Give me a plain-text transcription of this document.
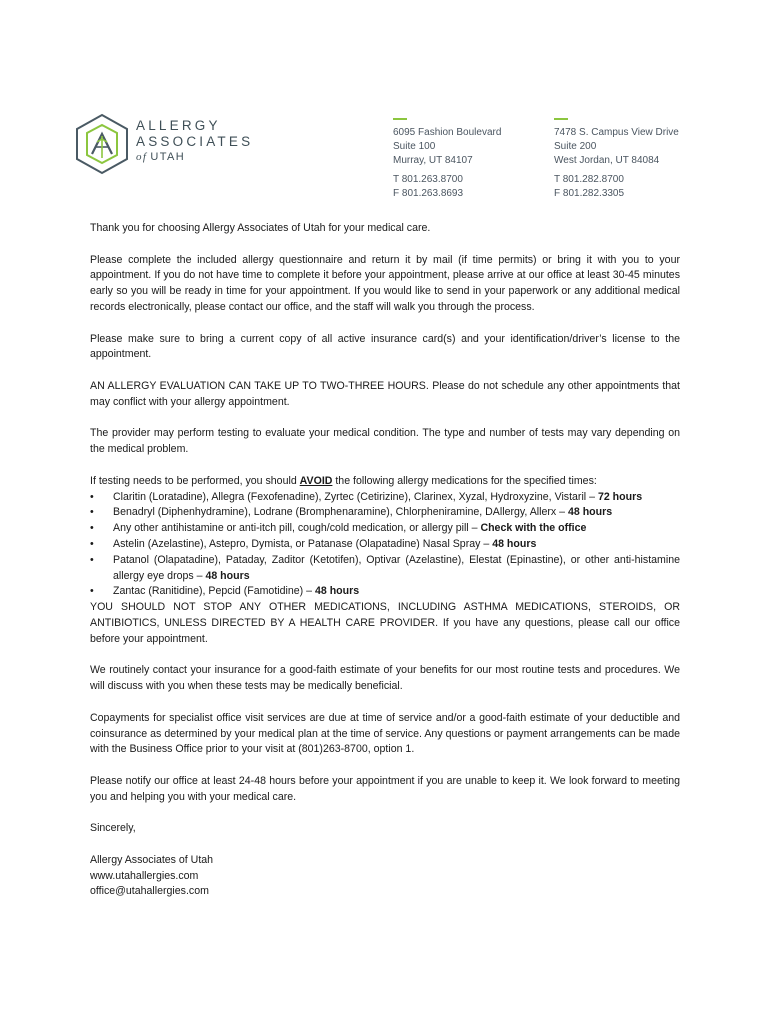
ALLERGY
ASSOCIATES
of UTAH
6095 Fashion Boulevard
Suite 100
Murray, UT 84107
T 801.263.8700
F 801.263.8693
7478 S. Campus View Drive
Suite 200
West Jordan, UT 84084
T 801.282.8700
F 801.282.3305

Thank you for choosing Allergy Associates of Utah for your medical care.

Please complete the included allergy questionnaire and return it by mail (if time permits) or bring it with you to your appointment. If you do not have time to complete it before your appointment, please arrive at our office at least 30-45 minutes early so you will be ready in time for your appointment. If you would like to send in your paperwork or any additional medical records electronically, please contact our office, and the staff will walk you through the process.

Please make sure to bring a current copy of all active insurance card(s) and your identification/driver’s license to the appointment.

AN ALLERGY EVALUATION CAN TAKE UP TO TWO-THREE HOURS. Please do not schedule any other appointments that may conflict with your allergy appointment.

The provider may perform testing to evaluate your medical condition. The type and number of tests may vary depending on the medical problem.

If testing needs to be performed, you should AVOID the following allergy medications for the specified times:

• Claritin (Loratadine), Allegra (Fexofenadine), Zyrtec (Cetirizine), Clarinex, Xyzal, Hydroxyzine, Vistaril – 72 hours
• Benadryl (Diphenhydramine), Lodrane (Bromphenaramine), Chlorpheniramine, DAllergy, Allerx – 48 hours
• Any other antihistamine or anti-itch pill, cough/cold medication, or allergy pill – Check with the office
• Astelin (Azelastine), Astepro, Dymista, or Patanase (Olapatadine) Nasal Spray – 48 hours
• Patanol (Olapatadine), Pataday, Zaditor (Ketotifen), Optivar (Azelastine), Elestat (Epinastine), or other anti-histamine allergy eye drops – 48 hours
• Zantac (Ranitidine), Pepcid (Famotidine) – 48 hours

YOU SHOULD NOT STOP ANY OTHER MEDICATIONS, INCLUDING ASTHMA MEDICATIONS, STEROIDS, OR ANTIBIOTICS, UNLESS DIRECTED BY A HEALTH CARE PROVIDER. If you have any questions, please call our office before your appointment.

We routinely contact your insurance for a good-faith estimate of your benefits for our most routine tests and procedures. We will discuss with you when these tests may be medically beneficial.

Copayments for specialist office visit services are due at time of service and/or a good-faith estimate of your deductible and coinsurance as determined by your medical plan at the time of service. Any questions or payment arrangements can be made with the Business Office prior to your visit at (801)263-8700, option 1.

Please notify our office at least 24-48 hours before your appointment if you are unable to keep it. We look forward to meeting you and helping you with your medical care.

Sincerely,

Allergy Associates of Utah
www.utahallergies.com
office@utahallergies.com
